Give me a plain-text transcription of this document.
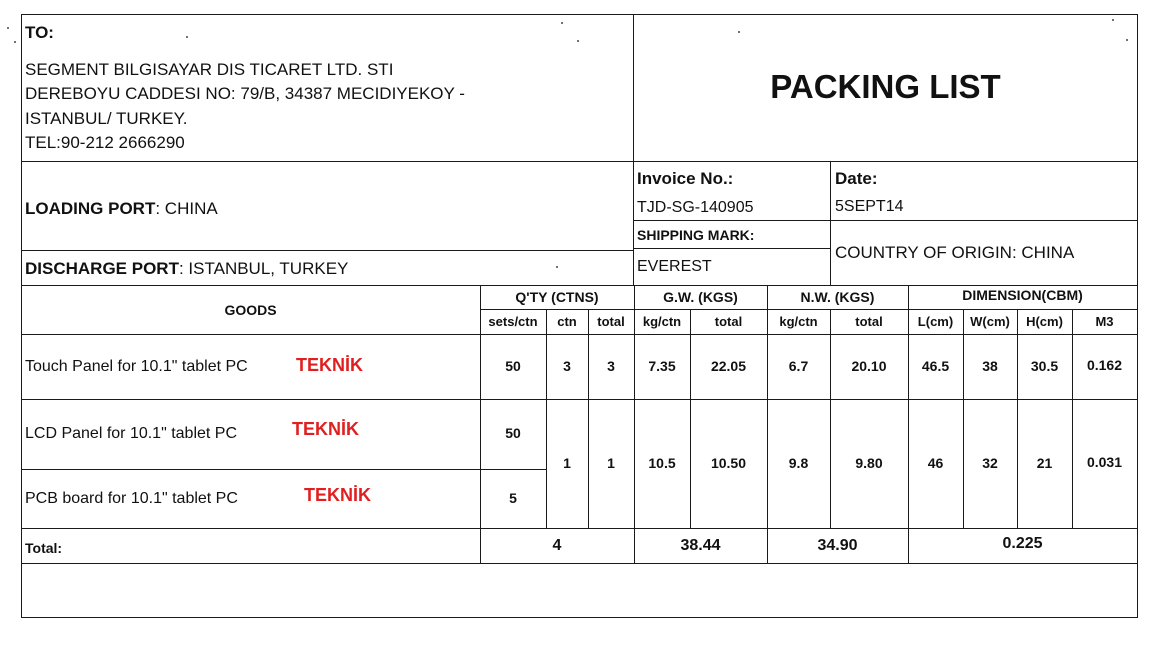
TO:
SEGMENT BILGISAYAR DIS TICARET LTD. STI
DEREBOYU CADDESI NO: 79/B, 34387 MECIDIYEKOY -
ISTANBUL/ TURKEY.
TEL:90-212 2666290
PACKING LIST
LOADING PORT: CHINA
DISCHARGE PORT: ISTANBUL, TURKEY
Invoice No.:
TJD-SG-140905
Date:
5SEPT14
SHIPPING MARK:
EVEREST
COUNTRY OF ORIGIN: CHINA
GOODS
Q'TY (CTNS)	G.W. (KGS)	N.W. (KGS)	DIMENSION(CBM)
sets/ctn	ctn	total	kg/ctn	total	kg/ctn	total	L(cm)	W(cm)	H(cm)	M3
Touch Panel for 10.1" tablet PC	TEKNİK	50	3	3	7.35	22.05	6.7	20.10	46.5	38	30.5	0.162
LCD Panel for 10.1" tablet PC	TEKNİK	50
PCB board for 10.1" tablet PC	TEKNİK	5
1	1	10.5	10.50	9.8	9.80	46	32	21	0.031
Total:	4	38.44	34.90	0.225
